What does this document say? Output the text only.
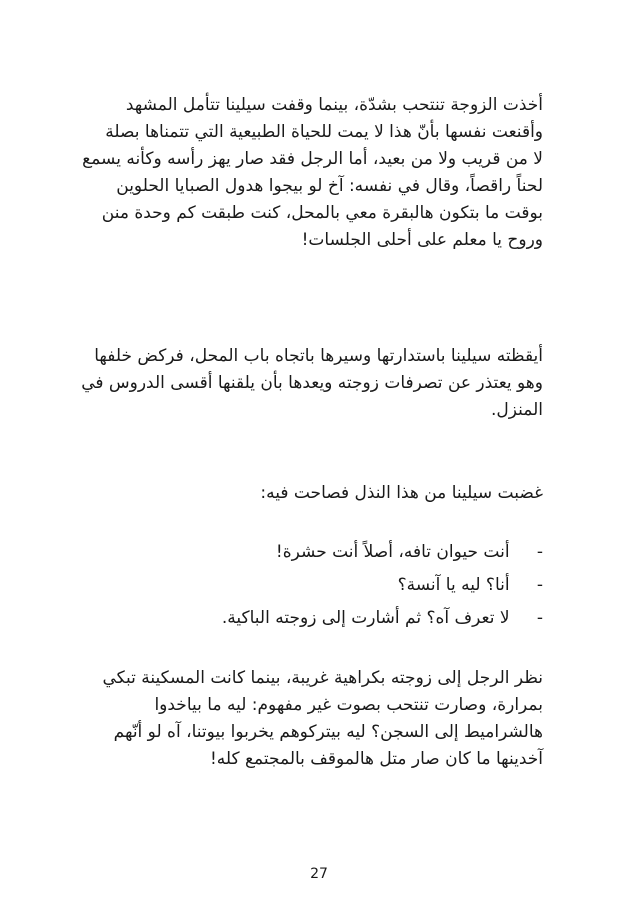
أخذت الزوجة تنتحب بشدّة، بينما وقفت سيلينا تتأمل المشهد
وأقنعت نفسها بأنّ هذا لا يمت للحياة الطبيعية التي تتمناها بصلة
لا من قريب ولا من بعيد، أما الرجل فقد صار يهز رأسه وكأنه يسمع
لحناً راقصاً، وقال في نفسه: آخ لو بيجوا هدول الصبايا الحلوين
بوقت ما بتكون هالبقرة معي بالمحل، كنت طبقت كم وحدة منن
وروح يا معلم على أحلى الجلسات!
أيقظته سيلينا باستدارتها وسيرها باتجاه باب المحل، فركض خلفها
وهو يعتذر عن تصرفات زوجته ويعدها بأن يلقنها أقسى الدروس في
المنزل.
غضبت سيلينا من هذا النذل فصاحت فيه:
- أنت حيوان تافه، أصلاً أنت حشرة!
- أنا؟ ليه يا آنسة؟
- لا تعرف آه؟ ثم أشارت إلى زوجته الباكية.
نظر الرجل إلى زوجته بكراهية غريبة، بينما كانت المسكينة تبكي
بمرارة، وصارت تنتحب بصوت غير مفهوم: ليه ما بياخدوا
هالشراميط إلى السجن؟ ليه بيتركوهم يخربوا بيوتنا، آه لو أنّهم
آخدينها ما كان صار متل هالموقف بالمجتمع كله!
27
